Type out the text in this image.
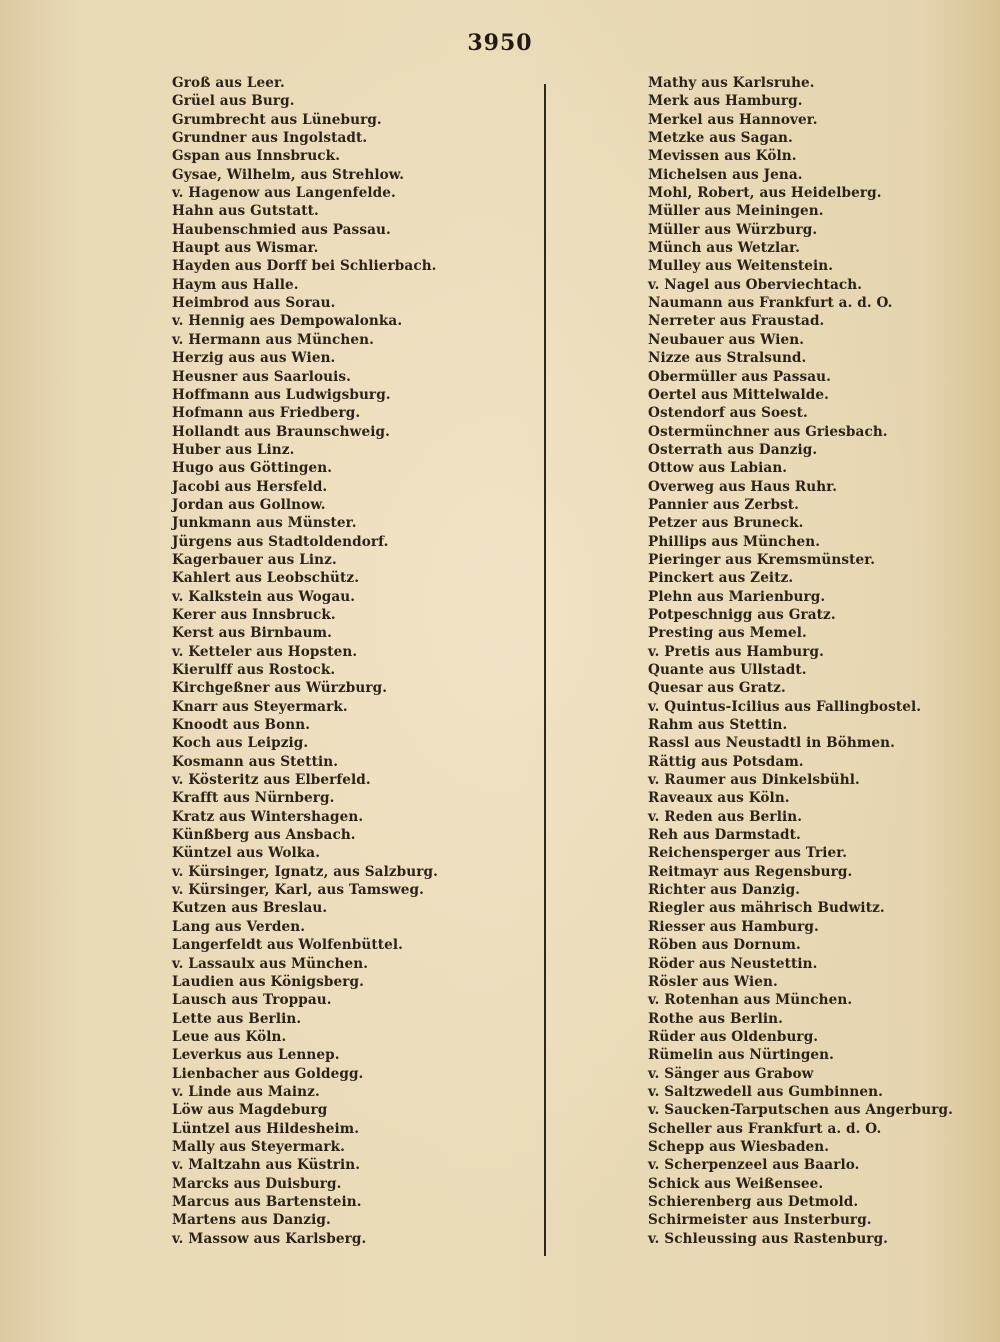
3950
Groß aus Leer.
Grüel aus Burg.
Grumbrecht aus Lüneburg.
Grundner aus Ingolstadt.
Gspan aus Innsbruck.
Gysae, Wilhelm, aus Strehlow.
v. Hagenow aus Langenfelde.
Hahn aus Gutstatt.
Haubenschmied aus Passau.
Haupt aus Wismar.
Hayden aus Dorff bei Schlierbach.
Haym aus Halle.
Heimbrod aus Sorau.
v. Hennig aes Dempowalonka.
v. Hermann aus München.
Herzig aus aus Wien.
Heusner aus Saarlouis.
Hoffmann aus Ludwigsburg.
Hofmann aus Friedberg.
Hollandt aus Braunschweig.
Huber aus Linz.
Hugo aus Göttingen.
Jacobi aus Hersfeld.
Jordan aus Gollnow.
Junkmann aus Münster.
Jürgens aus Stadtoldendorf.
Kagerbauer aus Linz.
Kahlert aus Leobschütz.
v. Kalkstein aus Wogau.
Kerer aus Innsbruck.
Kerst aus Birnbaum.
v. Ketteler aus Hopsten.
Kierulff aus Rostock.
Kirchgeßner aus Würzburg.
Knarr aus Steyermark.
Knoodt aus Bonn.
Koch aus Leipzig.
Kosmann aus Stettin.
v. Kösteritz aus Elberfeld.
Krafft aus Nürnberg.
Kratz aus Wintershagen.
Künßberg aus Ansbach.
Küntzel aus Wolka.
v. Kürsinger, Ignatz, aus Salzburg.
v. Kürsinger, Karl, aus Tamsweg.
Kutzen aus Breslau.
Lang aus Verden.
Langerfeldt aus Wolfenbüttel.
v. Lassaulx aus München.
Laudien aus Königsberg.
Lausch aus Troppau.
Lette aus Berlin.
Leue aus Köln.
Leverkus aus Lennep.
Lienbacher aus Goldegg.
v. Linde aus Mainz.
Löw aus Magdeburg
Lüntzel aus Hildesheim.
Mally aus Steyermark.
v. Maltzahn aus Küstrin.
Marcks aus Duisburg.
Marcus aus Bartenstein.
Martens aus Danzig.
v. Massow aus Karlsberg.
Mathy aus Karlsruhe.
Merk aus Hamburg.
Merkel aus Hannover.
Metzke aus Sagan.
Mevissen aus Köln.
Michelsen aus Jena.
Mohl, Robert, aus Heidelberg.
Müller aus Meiningen.
Müller aus Würzburg.
Münch aus Wetzlar.
Mulley aus Weitenstein.
v. Nagel aus Oberviechtach.
Naumann aus Frankfurt a. d. O.
Nerreter aus Fraustad.
Neubauer aus Wien.
Nizze aus Stralsund.
Obermüller aus Passau.
Oertel aus Mittelwalde.
Ostendorf aus Soest.
Ostermünchner aus Griesbach.
Osterrath aus Danzig.
Ottow aus Labian.
Overweg aus Haus Ruhr.
Pannier aus Zerbst.
Petzer aus Bruneck.
Phillips aus München.
Pieringer aus Kremsmünster.
Pinckert aus Zeitz.
Plehn aus Marienburg.
Potpeschnigg aus Gratz.
Presting aus Memel.
v. Pretis aus Hamburg.
Quante aus Ullstadt.
Quesar aus Gratz.
v. Quintus-Icilius aus Fallingbostel.
Rahm aus Stettin.
Rassl aus Neustadtl in Böhmen.
Rättig aus Potsdam.
v. Raumer aus Dinkelsbühl.
Raveaux aus Köln.
v. Reden aus Berlin.
Reh aus Darmstadt.
Reichensperger aus Trier.
Reitmayr aus Regensburg.
Richter aus Danzig.
Riegler aus mährisch Budwitz.
Riesser aus Hamburg.
Röben aus Dornum.
Röder aus Neustettin.
Rösler aus Wien.
v. Rotenhan aus München.
Rothe aus Berlin.
Rüder aus Oldenburg.
Rümelin aus Nürtingen.
v. Sänger aus Grabow
v. Saltzwedell aus Gumbinnen.
v. Saucken-Tarputschen aus Angerburg.
Scheller aus Frankfurt a. d. O.
Schepp aus Wiesbaden.
v. Scherpenzeel aus Baarlo.
Schick aus Weißensee.
Schierenberg aus Detmold.
Schirmeister aus Insterburg.
v. Schleussing aus Rastenburg.
